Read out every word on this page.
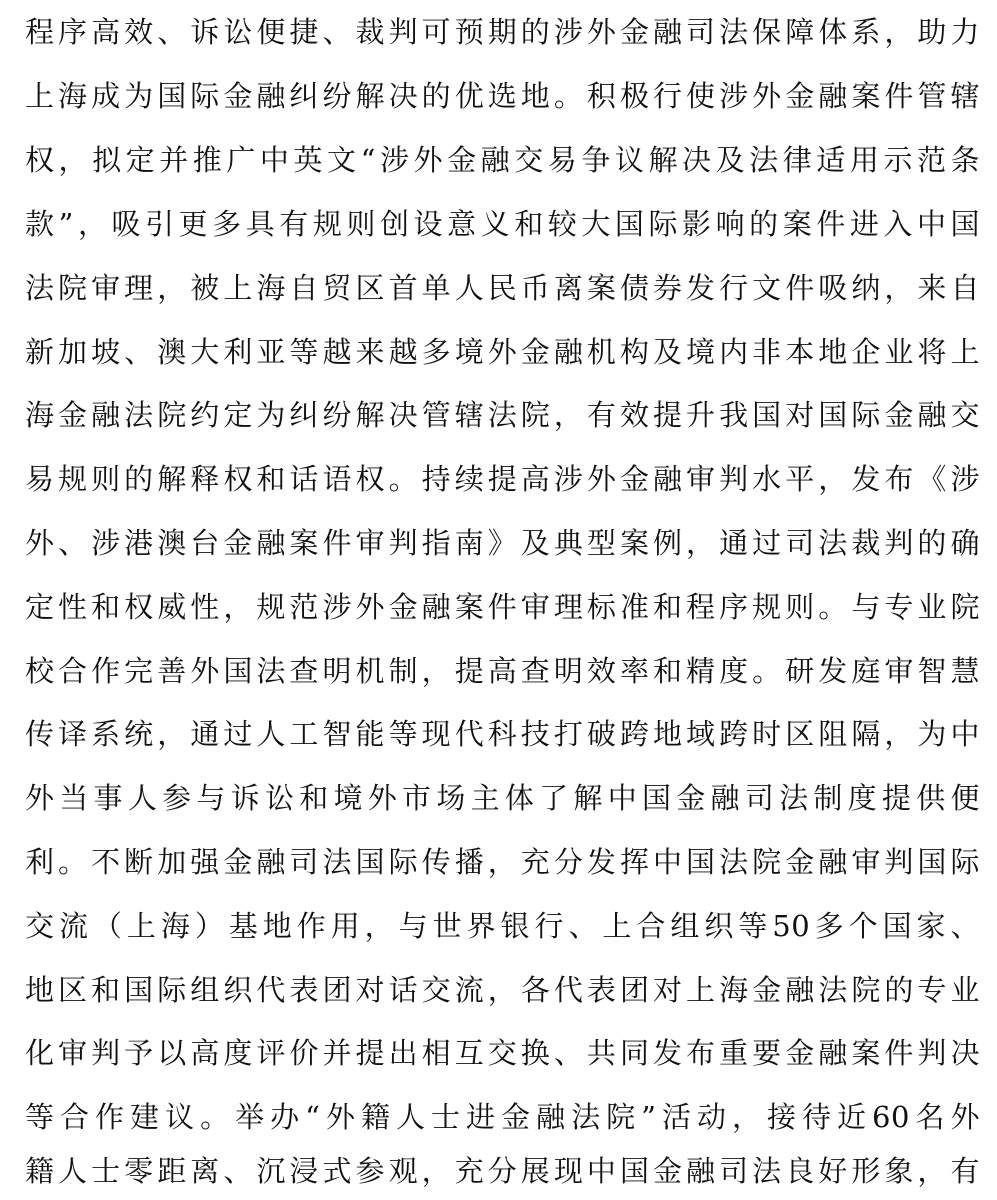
程序高效、诉讼便捷、裁判可预期的涉外金融司法保障体系，助力
上海成为国际金融纠纷解决的优选地。积极行使涉外金融案件管辖
权，拟定并推广中英文“涉外金融交易争议解决及法律适用示范条
款”，吸引更多具有规则创设意义和较大国际影响的案件进入中国
法院审理，被上海自贸区首单人民币离案债券发行文件吸纳，来自
新加坡、澳大利亚等越来越多境外金融机构及境内非本地企业将上
海金融法院约定为纠纷解决管辖法院，有效提升我国对国际金融交
易规则的解释权和话语权。持续提高涉外金融审判水平，发布《涉
外、涉港澳台金融案件审判指南》及典型案例，通过司法裁判的确
定性和权威性，规范涉外金融案件审理标准和程序规则。与专业院
校合作完善外国法查明机制，提高查明效率和精度。研发庭审智慧
传译系统，通过人工智能等现代科技打破跨地域跨时区阻隔，为中
外当事人参与诉讼和境外市场主体了解中国金融司法制度提供便
利。不断加强金融司法国际传播，充分发挥中国法院金融审判国际
交流（上海）基地作用，与世界银行、上合组织等50多个国家、
地区和国际组织代表团对话交流，各代表团对上海金融法院的专业
化审判予以高度评价并提出相互交换、共同发布重要金融案件判决
等合作建议。举办“外籍人士进金融法院”活动，接待近60名外
籍人士零距离、沉浸式参观，充分展现中国金融司法良好形象，有
